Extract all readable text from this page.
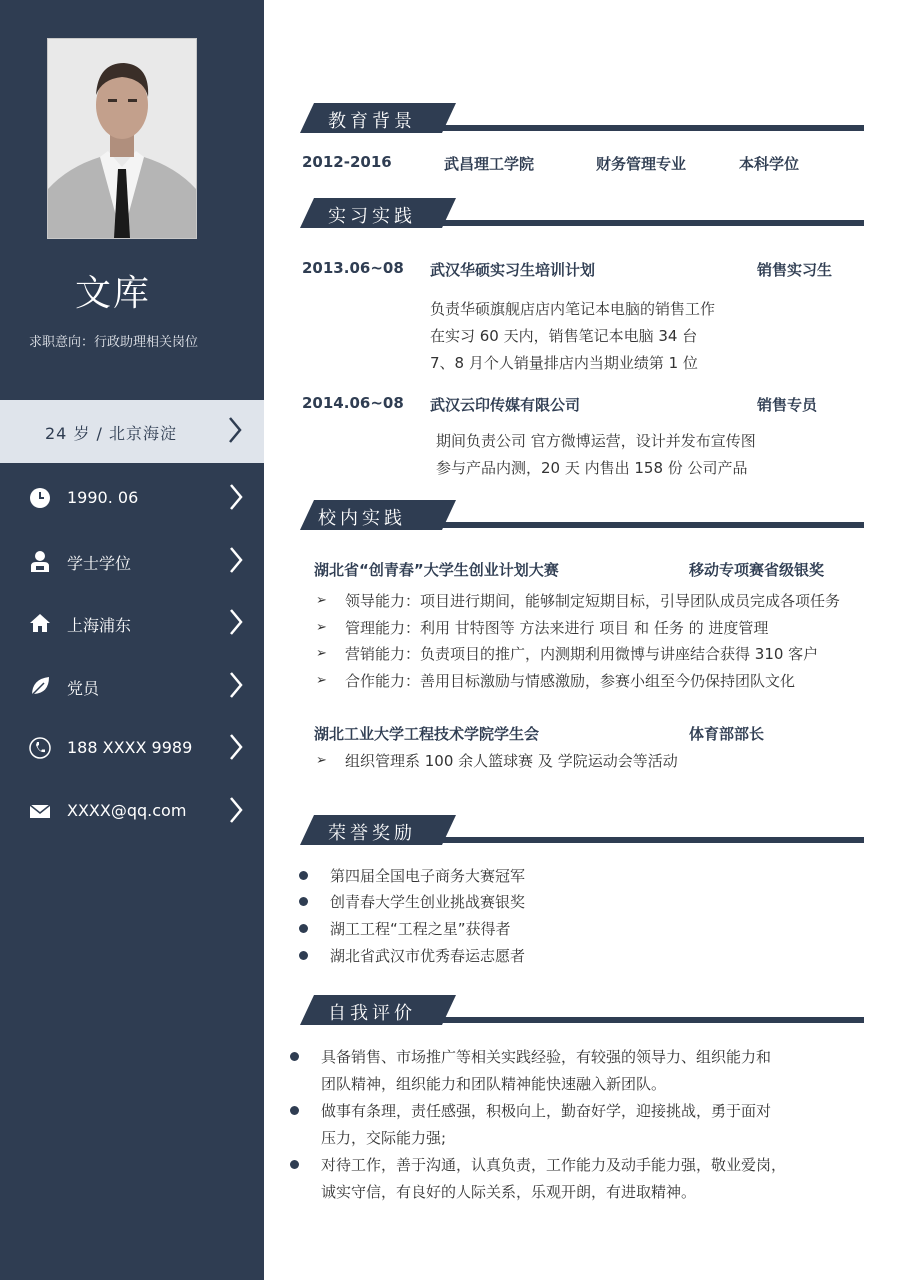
文库
求职意向：行政助理相关岗位
24 岁 / 北京海淀
1990. 06
学士学位
上海浦东
党员
188 XXXX 9989
XXXX@qq.com
教育背景
2012-2016	武昌理工学院	财务管理专业	本科学位
实习实践
2013.06~08 武汉华硕实习生培训计划	销售实习生
负责华硕旗舰店店内笔记本电脑的销售工作
在实习 60 天内，销售笔记本电脑 34 台
7、8 月个人销量排店内当期业绩第 1 位
2014.06~08 武汉云印传媒有限公司	销售专员
期间负责公司 官方微博运营，设计并发布宣传图
参与产品内测，20 天 内售出 158 份 公司产品
校内实践
湖北省“创青春”大学生创业计划大赛	移动专项赛省级银奖
➢ 领导能力：项目进行期间，能够制定短期目标，引导团队成员完成各项任务
➢ 管理能力：利用 甘特图等 方法来进行 项目 和 任务 的 进度管理
➢ 营销能力：负责项目的推广，内测期利用微博与讲座结合获得 310 客户
➢ 合作能力：善用目标激励与情感激励，参赛小组至今仍保持团队文化
湖北工业大学工程技术学院学生会	体育部部长
➢ 组织管理系 100 余人篮球赛 及 学院运动会等活动
荣誉奖励
第四届全国电子商务大赛冠军
创青春大学生创业挑战赛银奖
湖工工程“工程之星”获得者
湖北省武汉市优秀春运志愿者
自我评价
具备销售、市场推广等相关实践经验，有较强的领导力、组织能力和
团队精神，组织能力和团队精神能快速融入新团队。
做事有条理，责任感强，积极向上，勤奋好学，迎接挑战，勇于面对
压力，交际能力强;
对待工作，善于沟通，认真负责，工作能力及动手能力强，敬业爱岗，
诚实守信，有良好的人际关系，乐观开朗，有进取精神。
